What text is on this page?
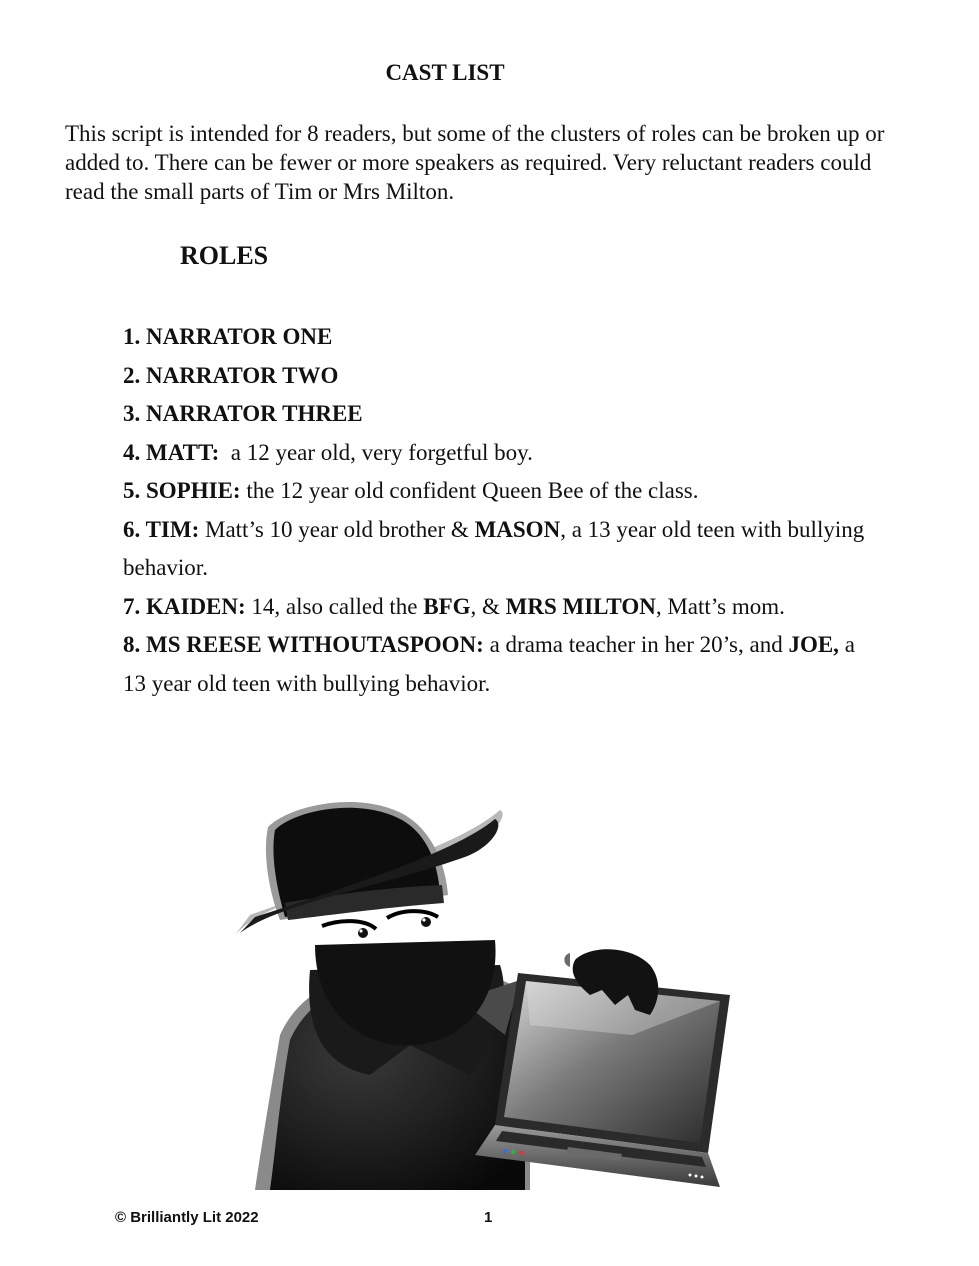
CAST LIST
This script is intended for 8 readers, but some of the clusters of roles can be broken up or added to. There can be fewer or more speakers as required. Very reluctant readers could read the small parts of Tim or Mrs Milton.
ROLES

1. NARRATOR ONE

2. NARRATOR TWO

3. NARRATOR THREE

4. MATT:  a 12 year old, very forgetful boy.

5. SOPHIE: the 12 year old confident Queen Bee of the class.

6. TIM: Matt’s 10 year old brother & MASON, a 13 year old teen with bullying behavior.

7. KAIDEN: 14, also called the BFG, & MRS MILTON, Matt’s mom.

8. MS REESE WITHOUTASPOON: a drama teacher in her 20’s, and JOE, a 13 year old teen with bullying behavior.

© Brilliantly Lit 2022	1
